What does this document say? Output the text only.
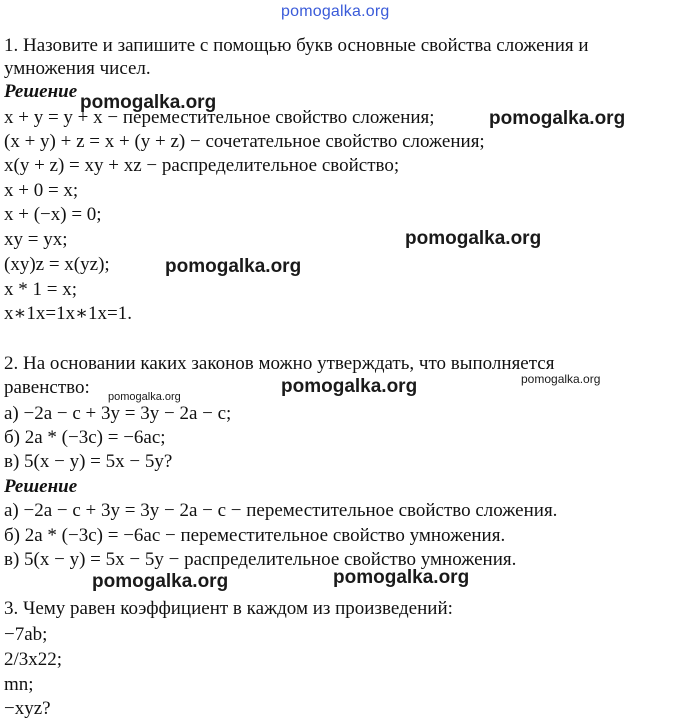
pomogalka.org
1. Назовите и запишите с помощью букв основные свойства сложения и
умножения чисел.
Решение
x + y = y + x − переместительное свойство сложения;
(x + y) + z = x + (y + z) − сочетательное свойство сложения;
x(y + z) = xy + xz − распределительное свойство;
x + 0 = x;
x + (−x) = 0;
xy = yx;
(xy)z = x(yz);
x * 1 = x;
x∗1x=1x∗1x=1.
2. На основании каких законов можно утверждать, что выполняется
равенство:
а) −2a − c + 3y = 3y − 2a − c;
б) 2a * (−3c) = −6ac;
в) 5(x − y) = 5x − 5y?
Решение
а) −2a − c + 3y = 3y − 2a − c − переместительное свойство сложения.
б) 2a * (−3c) = −6ac − переместительное свойство умножения.
в) 5(x − y) = 5x − 5y − распределительное свойство умножения.
3. Чему равен коэффициент в каждом из произведений:
−7ab;
2/3x22;
mn;
−xyz?
pomogalka.org
pomogalka.org
pomogalka.org
pomogalka.org
pomogalka.org
pomogalka.org
pomogalka.org
pomogalka.org	pomogalka.org
